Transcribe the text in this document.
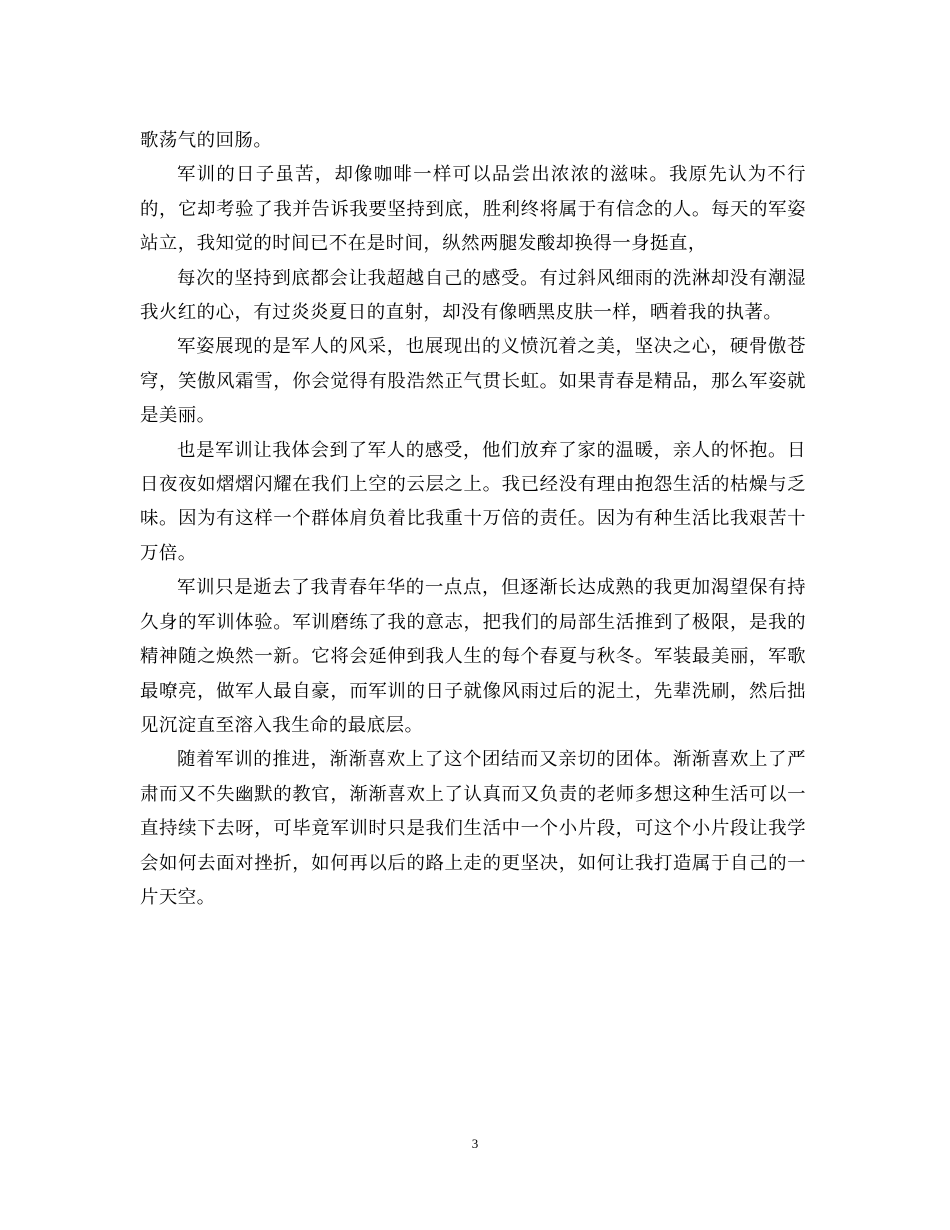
歌荡气的回肠。

军训的日子虽苦，却像咖啡一样可以品尝出浓浓的滋味。我原先认为不行的，它却考验了我并告诉我要坚持到底，胜利终将属于有信念的人。每天的军姿站立，我知觉的时间已不在是时间，纵然两腿发酸却换得一身挺直，

每次的坚持到底都会让我超越自己的感受。有过斜风细雨的洗淋却没有潮湿我火红的心，有过炎炎夏日的直射，却没有像晒黑皮肤一样，晒着我的执著。

军姿展现的是军人的风采，也展现出的义愤沉着之美，坚决之心，硬骨傲苍穹，笑傲风霜雪，你会觉得有股浩然正气贯长虹。如果青春是精品，那么军姿就是美丽。

也是军训让我体会到了军人的感受，他们放弃了家的温暖，亲人的怀抱。日日夜夜如熠熠闪耀在我们上空的云层之上。我已经没有理由抱怨生活的枯燥与乏味。因为有这样一个群体肩负着比我重十万倍的责任。因为有种生活比我艰苦十万倍。

军训只是逝去了我青春年华的一点点，但逐渐长达成熟的我更加渴望保有持久身的军训体验。军训磨练了我的意志，把我们的局部生活推到了极限，是我的精神随之焕然一新。它将会延伸到我人生的每个春夏与秋冬。军装最美丽，军歌最嘹亮，做军人最自豪，而军训的日子就像风雨过后的泥土，先辈洗刷，然后拙见沉淀直至溶入我生命的最底层。

随着军训的推进，渐渐喜欢上了这个团结而又亲切的团体。渐渐喜欢上了严肃而又不失幽默的教官，渐渐喜欢上了认真而又负责的老师多想这种生活可以一直持续下去呀，可毕竟军训时只是我们生活中一个小片段，可这个小片段让我学会如何去面对挫折，如何再以后的路上走的更坚决，如何让我打造属于自己的一片天空。

3
